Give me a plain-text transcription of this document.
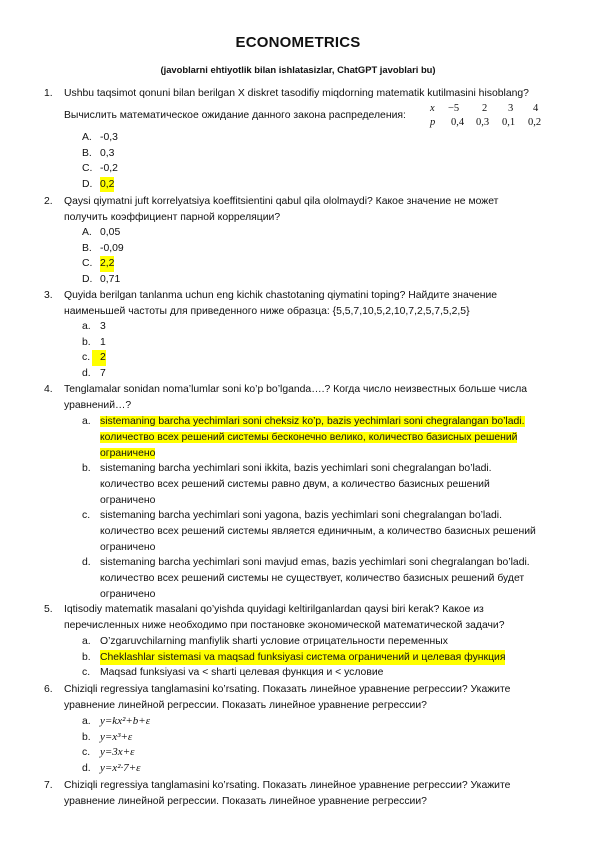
ECONOMETRICS
(javoblarni ehtiyotlik bilan ishlatasizlar, ChatGPT javoblari bu)
1. Ushbu taqsimot qonuni bilan berilgan X diskret tasodifiy miqdorning matematik kutilmasini hisoblang?
Вычислить математическое ожидание данного закона распределения:
x −5 2 3 4
p 0,4 0,3 0,1 0,2
A. -0,3
B. 0,3
C. -0,2
D. 0,2
2. Qaysi qiymatni juft korrelyatsiya koeffitsientini qabul qila ololmaydi? Какое значение не может
получить коэффициент парной корреляции?
A. 0,05
B. -0,09
C. 2,2
D. 0,71
3. Quyida berilgan tanlanma uchun eng kichik chastotaning qiymatini toping? Найдите значение
наименьшей частоты для приведенного ниже образца: {5,5,7,10,5,2,10,7,2,5,7,5,2,5}
a. 3
b. 1
c. 2
d. 7
4. Tenglamalar sonidan noma’lumlar soni ko’p bo’lganda….? Когда число неизвестных больше числа
уравнений…?
a. sistemaning barcha yechimlari soni cheksiz ko’p, bazis yechimlari soni chegralangan bo’ladi.
количество всех решений системы бесконечно велико, количество базисных решений
ограничено
b. sistemaning barcha yechimlari soni ikkita, bazis yechimlari soni chegralangan bo’ladi.
количество всех решений системы равно двум, а количество базисных решений
ограничено
c. sistemaning barcha yechimlari soni yagona, bazis yechimlari soni chegralangan bo’ladi.
количество всех решений системы является единичным, а количество базисных решений
ограничено
d. sistemaning barcha yechimlari soni mavjud emas, bazis yechimlari soni chegralangan bo’ladi.
количество всех решений системы не существует, количество базисных решений будет
ограничено
5. Iqtisodiy matematik masalani qo’yishda quyidagi keltirilganlardan qaysi biri kerak? Какое из
перечисленных ниже необходимо при постановке экономической математической задачи?
a. O’zgaruvchilarning manfiylik sharti условие отрицательности переменных
b. Cheklashlar sistemasi va maqsad funksiyasi система ограничений и целевая функция
c. Maqsad funksiyasi va < sharti целевая функция и < условие
6. Chiziqli regressiya tanglamasini ko’rsating. Показать линейное уравнение регрессии? Укажите
уравнение линейной регрессии. Показать линейное уравнение регрессии?
a. y=kx²+b+ε
b. y=x³+ε
c. y=3x+ε
d. y=x²·7+ε
7. Chiziqli regressiya tanglamasini ko’rsating. Показать линейное уравнение регрессии? Укажите
уравнение линейной регрессии. Показать линейное уравнение регрессии?
